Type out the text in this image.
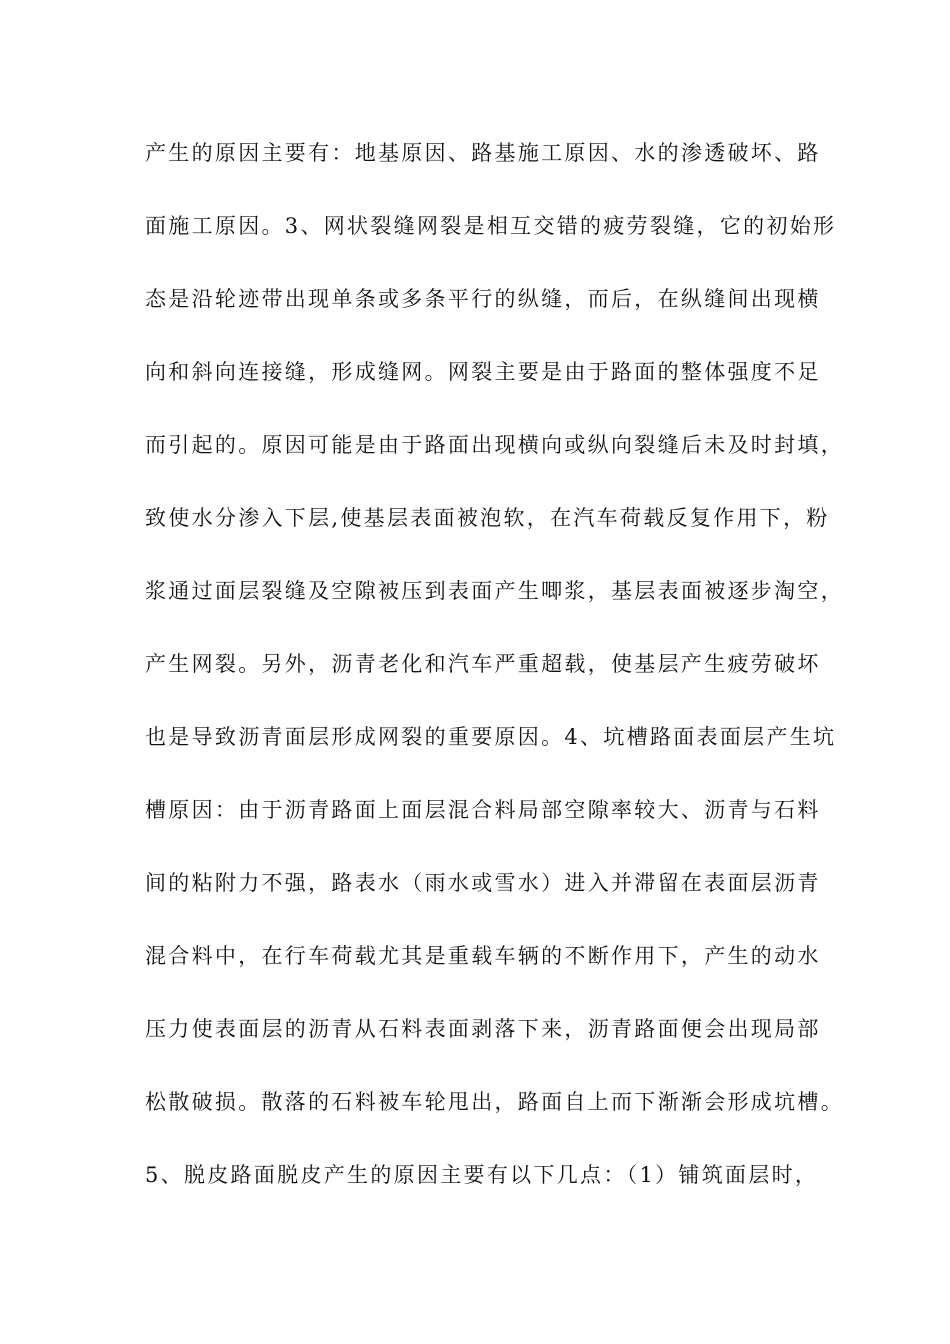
产生的原因主要有：地基原因、路基施工原因、水的渗透破坏、路

面施工原因。3、网状裂缝网裂是相互交错的疲劳裂缝，它的初始形

态是沿轮迹带出现单条或多条平行的纵缝，而后，在纵缝间出现横

向和斜向连接缝，形成缝网。网裂主要是由于路面的整体强度不足

而引起的。原因可能是由于路面出现横向或纵向裂缝后未及时封填，

致使水分渗入下层,使基层表面被泡软，在汽车荷载反复作用下，粉

浆通过面层裂缝及空隙被压到表面产生唧浆，基层表面被逐步淘空，

产生网裂。另外，沥青老化和汽车严重超载，使基层产生疲劳破坏

也是导致沥青面层形成网裂的重要原因。4、坑槽路面表面层产生坑

槽原因：由于沥青路面上面层混合料局部空隙率较大、沥青与石料

间的粘附力不强，路表水（雨水或雪水）进入并滞留在表面层沥青

混合料中，在行车荷载尤其是重载车辆的不断作用下，产生的动水

压力使表面层的沥青从石料表面剥落下来，沥青路面便会出现局部

松散破损。散落的石料被车轮甩出，路面自上而下渐渐会形成坑槽。

5、脱皮路面脱皮产生的原因主要有以下几点：（1）铺筑面层时，
